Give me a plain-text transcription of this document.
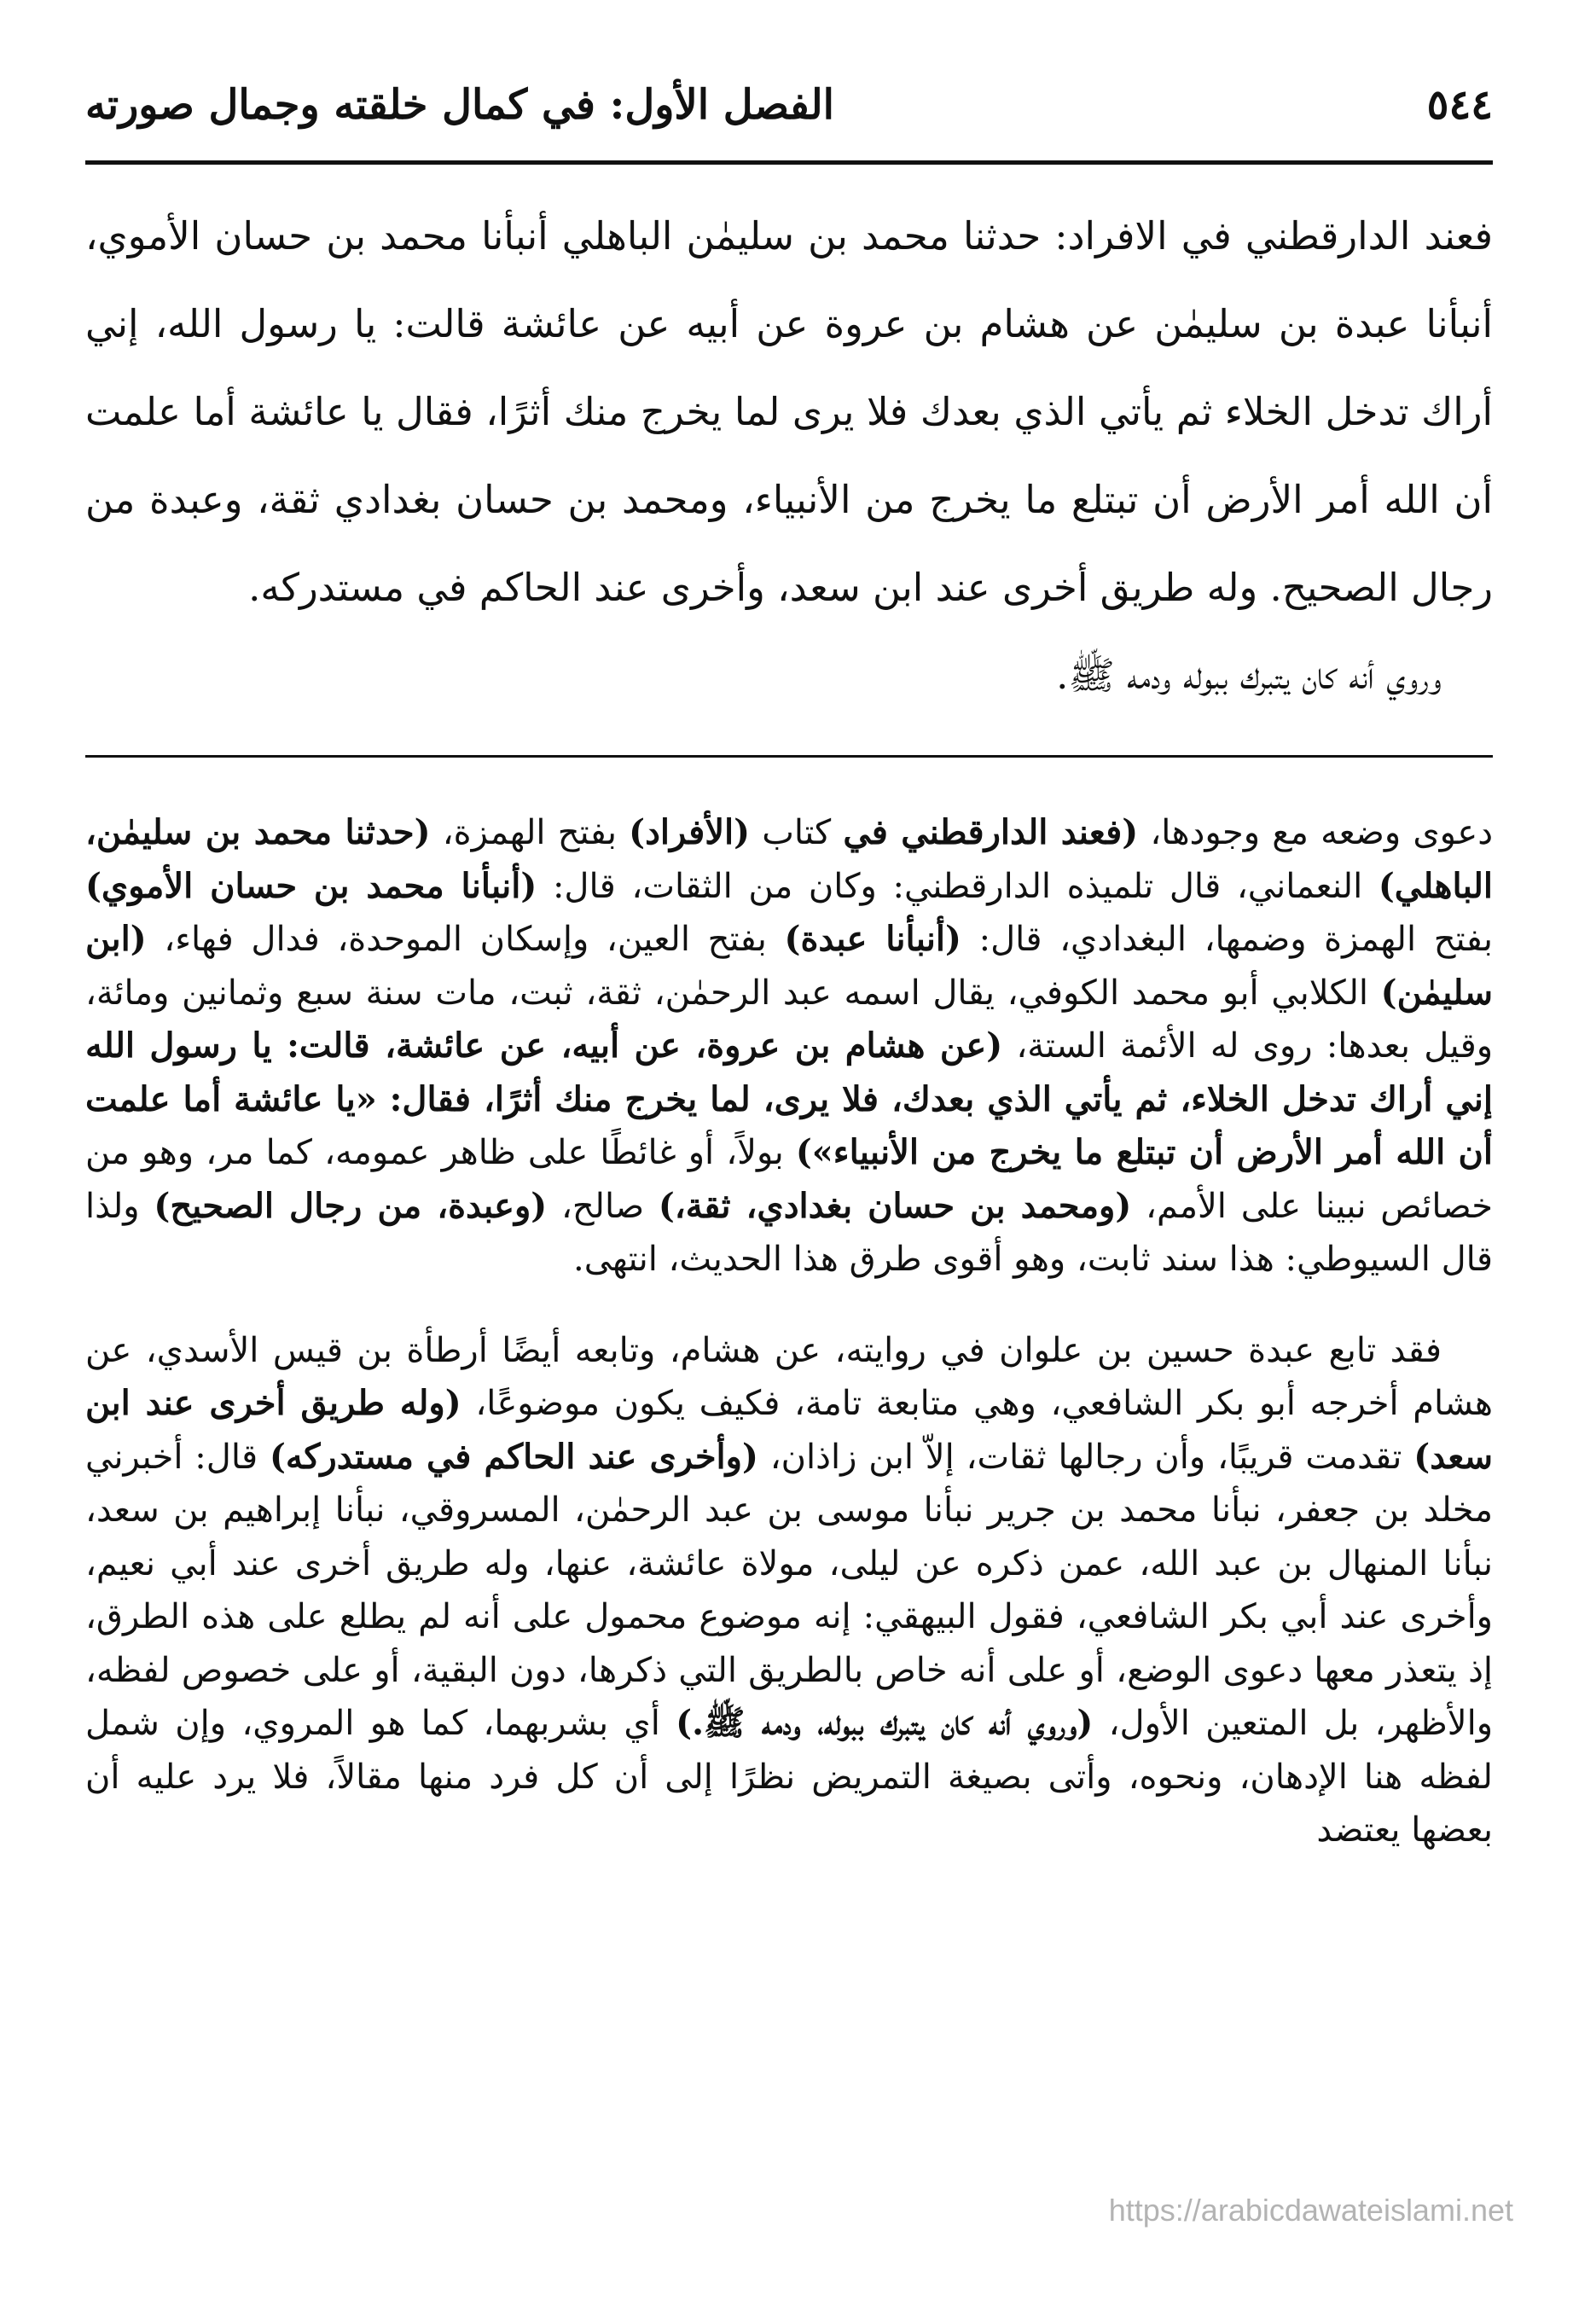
٥٤٤
الفصل الأول: في كمال خلقته وجمال صورته

فعند الدارقطني في الافراد: حدثنا محمد بن سليمٰن الباهلي أنبأنا محمد بن حسان الأموي، أنبأنا عبدة بن سليمٰن عن هشام بن عروة عن أبيه عن عائشة قالت: يا رسول الله، إني أراك تدخل الخلاء ثم يأتي الذي بعدك فلا يرى لما يخرج منك أثرًا، فقال يا عائشة أما علمت أن الله أمر الأرض أن تبتلع ما يخرج من الأنبياء، ومحمد بن حسان بغدادي ثقة، وعبدة من رجال الصحيح. وله طريق أخرى عند ابن سعد، وأخرى عند الحاكم في مستدركه.

وروي أنه كان يتبرك ببوله ودمه ﷺ.

دعوى وضعه مع وجودها، (فعند الدارقطني في كتاب (الأفراد) بفتح الهمزة، (حدثنا محمد بن سليمٰن، الباهلي) النعماني، قال تلميذه الدارقطني: وكان من الثقات، قال: (أنبأنا محمد بن حسان الأموي) بفتح الهمزة وضمها، البغدادي، قال: (أنبأنا عبدة) بفتح العين، وإسكان الموحدة، فدال فهاء، (ابن سليمٰن) الكلابي أبو محمد الكوفي، يقال اسمه عبد الرحمٰن، ثقة، ثبت، مات سنة سبع وثمانين ومائة، وقيل بعدها: روى له الأئمة الستة، (عن هشام بن عروة، عن أبيه، عن عائشة، قالت: يا رسول الله إني أراك تدخل الخلاء، ثم يأتي الذي بعدك، فلا يرى، لما يخرج منك أثرًا، فقال: «يا عائشة أما علمت أن الله أمر الأرض أن تبتلع ما يخرج من الأنبياء») بولاً، أو غائطًا على ظاهر عمومه، كما مر، وهو من خصائص نبينا على الأمم، (ومحمد بن حسان بغدادي، ثقة،) صالح، (وعبدة، من رجال الصحيح) ولذا قال السيوطي: هذا سند ثابت، وهو أقوى طرق هذا الحديث، انتهى.

فقد تابع عبدة حسين بن علوان في روايته، عن هشام، وتابعه أيضًا أرطأة بن قيس الأسدي، عن هشام أخرجه أبو بكر الشافعي، وهي متابعة تامة، فكيف يكون موضوعًا، (وله طريق أخرى عند ابن سعد) تقدمت قريبًا، وأن رجالها ثقات، إلاّ ابن زاذان، (وأخرى عند الحاكم في مستدركه) قال: أخبرني مخلد بن جعفر، نبأنا محمد بن جرير نبأنا موسى بن عبد الرحمٰن، المسروقي، نبأنا إبراهيم بن سعد، نبأنا المنهال بن عبد الله، عمن ذكره عن ليلى، مولاة عائشة، عنها، وله طريق أخرى عند أبي نعيم، وأخرى عند أبي بكر الشافعي، فقول البيهقي: إنه موضوع محمول على أنه لم يطلع على هذه الطرق، إذ يتعذر معها دعوى الوضع، أو على أنه خاص بالطريق التي ذكرها، دون البقية، أو على خصوص لفظه، والأظهر، بل المتعين الأول، (وروي أنه كان يتبرك ببوله، ودمه ﷺ.) أي بشربهما، كما هو المروي، وإن شمل لفظه هنا الإدهان، ونحوه، وأتى بصيغة التمريض نظرًا إلى أن كل فرد منها مقالاً، فلا يرد عليه أن بعضها يعتضد

https://arabicdawateislami.net
